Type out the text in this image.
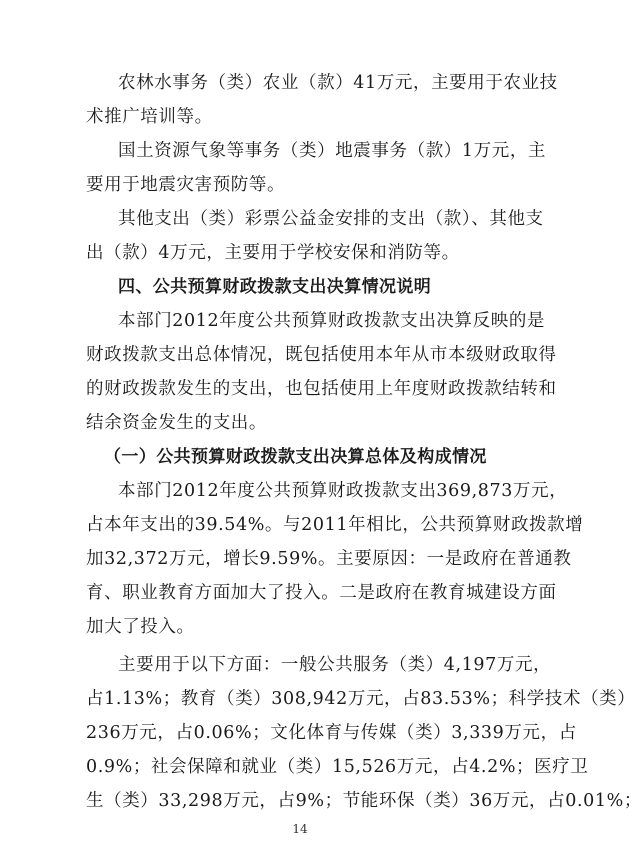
农林水事务（类）农业（款）41万元，主要用于农业技
术推广培训等。
国土资源气象等事务（类）地震事务（款）1万元，主
要用于地震灾害预防等。
其他支出（类）彩票公益金安排的支出（款）、其他支
出（款）4万元，主要用于学校安保和消防等。
四、公共预算财政拨款支出决算情况说明
本部门2012年度公共预算财政拨款支出决算反映的是
财政拨款支出总体情况，既包括使用本年从市本级财政取得
的财政拨款发生的支出，也包括使用上年度财政拨款结转和
结余资金发生的支出。
（一）公共预算财政拨款支出决算总体及构成情况
本部门2012年度公共预算财政拨款支出369,873万元，
占本年支出的39.54%。与2011年相比，公共预算财政拨款增
加32,372万元，增长9.59%。主要原因：一是政府在普通教
育、职业教育方面加大了投入。二是政府在教育城建设方面
加大了投入。
主要用于以下方面：一般公共服务（类）4,197万元，
占1.13%；教育（类）308,942万元，占83.53%；科学技术（类）
236万元，占0.06%；文化体育与传媒（类）3,339万元，占
0.9%；社会保障和就业（类）15,526万元，占4.2%；医疗卫
生（类）33,298万元，占9%；节能环保（类）36万元，占0.01%；
14
